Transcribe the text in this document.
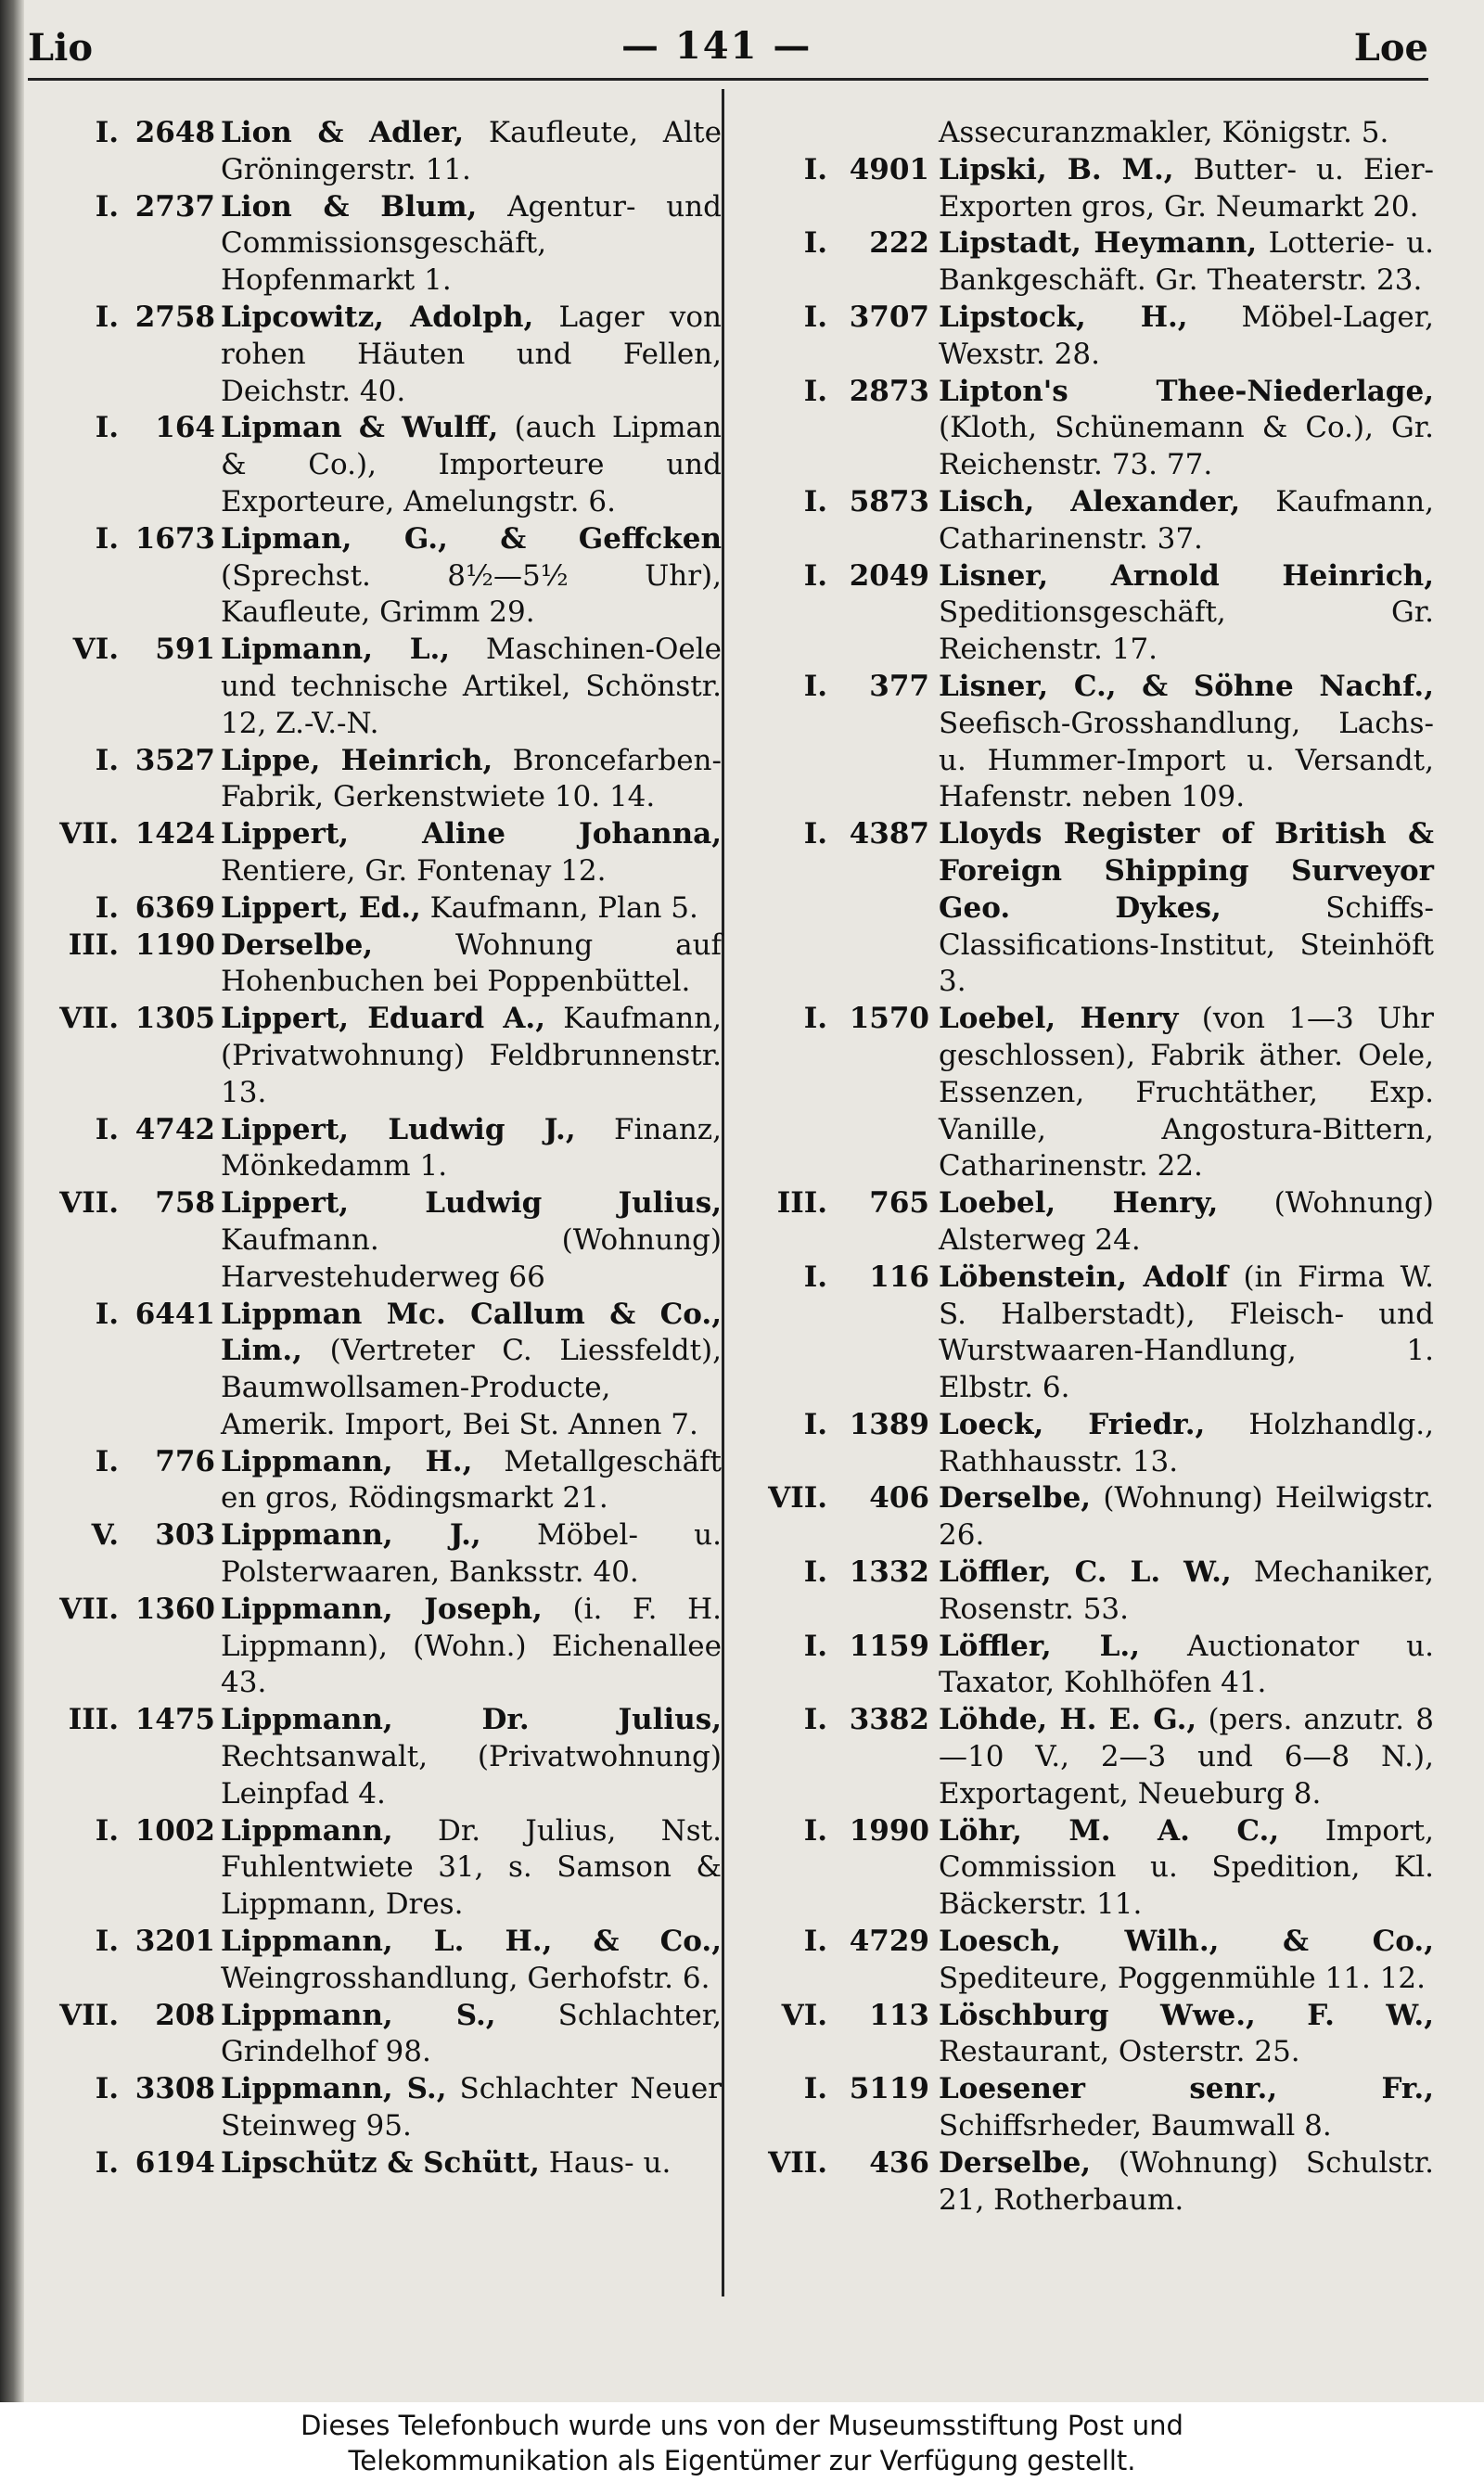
Lio	— 141 —	Loe
I. 2648 Lion & Adler, Kaufleute, Alte Gröningerstr. 11.
I. 2737 Lion & Blum, Agentur- und Commissionsgeschäft, Hopfenmarkt 1.
I. 2758 Lipcowitz, Adolph, Lager von rohen Häuten und Fellen, Deichstr. 40.
I. 164 Lipman & Wulff, (auch Lipman & Co.), Importeure und Exporteure, Amelungstr. 6.
I. 1673 Lipman, G., & Geffcken (Sprechst. 8½—5½ Uhr), Kaufleute, Grimm 29.
VI. 591 Lipmann, L., Maschinen-Oele und technische Artikel, Schönstr. 12, Z.-V.-N.
I. 3527 Lippe, Heinrich, Broncefarben-Fabrik, Gerkenstwiete 10. 14.
VII. 1424 Lippert, Aline Johanna, Rentiere, Gr. Fontenay 12.
I. 6369 Lippert, Ed., Kaufmann, Plan 5.
III. 1190 Derselbe,	Wohnung auf Hohenbuchen bei Poppenbüttel.
VII. 1305 Lippert, Eduard A., Kaufmann, (Privatwohnung) Feldbrunnenstr. 13.
I. 4742 Lippert, Ludwig J., Finanz, Mönkedamm 1.
VII. 758 Lippert, Ludwig Julius, Kaufmann. (Wohnung) Harvestehuderweg 66
I. 6441 Lippman Mc. Callum & Co., Lim., (Vertreter C. Liessfeldt), Baumwollsamen-Producte, Amerik. Import, Bei St. Annen 7.
I. 776 Lippmann, H., Metallgeschäft en gros, Rödingsmarkt 21.
V. 303 Lippmann, J., Möbel- u. Polsterwaaren, Banksstr. 40.
VII. 1360 Lippmann, Joseph, (i. F. H. Lippmann), (Wohn.) Eichenallee 43.
III. 1475 Lippmann, Dr. Julius, Rechtsanwalt, (Privatwohnung) Leinpfad 4.
I. 1002 Lippmann, Dr. Julius, Nst. Fuhlentwiete 31, s. Samson & Lippmann, Dres.
I. 3201 Lippmann, L. H., & Co., Weingrosshandlung, Gerhofstr. 6.
VII. 208 Lippmann, S., Schlachter, Grindelhof 98.
I. 3308 Lippmann, S., Schlachter Neuer Steinweg 95.
I. 6194 Lipschütz & Schütt, Haus- u.
Assecuranzmakler, Königstr. 5.
I. 4901 Lipski, B. M., Butter- u. Eier-Exporten gros, Gr. Neumarkt 20.
I. 222 Lipstadt, Heymann, Lotterie- u. Bankgeschäft. Gr. Theaterstr. 23.
I. 3707 Lipstock, H., Möbel-Lager, Wexstr. 28.
I. 2873 Lipton's Thee-Niederlage, (Kloth, Schünemann & Co.), Gr. Reichenstr. 73. 77.
I. 5873 Lisch, Alexander, Kaufmann, Catharinenstr. 37.
I. 2049 Lisner, Arnold Heinrich, Speditionsgeschäft, Gr. Reichenstr. 17.
I. 377 Lisner, C., & Söhne Nachf., Seefisch-Grosshandlung, Lachs- u. Hummer-Import u. Versandt, Hafenstr. neben 109.
I. 4387 Lloyds Register of British & Foreign Shipping Surveyor Geo. Dykes,	Schiffs-Classifications-Institut, Steinhöft 3.
I. 1570 Loebel, Henry (von 1—3 Uhr geschlossen), Fabrik äther. Oele, Essenzen, Fruchtäther, Exp. Vanille, Angostura-Bittern, Catharinenstr. 22.
III. 765 Loebel, Henry, (Wohnung) Alsterweg 24.
I. 116 Löbenstein, Adolf (in Firma W. S. Halberstadt), Fleisch- und Wurstwaaren-Handlung, 1. Elbstr. 6.
I. 1389 Loeck, Friedr., Holzhandlg., Rathhausstr. 13.
VII. 406 Derselbe, (Wohnung) Heilwigstr. 26.
I. 1332 Löffler, C. L. W., Mechaniker, Rosenstr. 53.
I. 1159 Löffler, L., Auctionator u. Taxator, Kohlhöfen 41.
I. 3382 Löhde, H. E. G., (pers. anzutr. 8—10 V., 2—3 und 6—8 N.), Exportagent, Neueburg 8.
I. 1990 Löhr, M. A. C., Import, Commission u. Spedition, Kl. Bäckerstr. 11.
I. 4729 Loesch, Wilh., & Co., Spediteure, Poggenmühle 11. 12.
VI. 113 Löschburg Wwe., F. W., Restaurant, Osterstr. 25.
I. 5119 Loesener senr., Fr., Schiffsrheder, Baumwall 8.
VII. 436 Derselbe, (Wohnung) Schulstr. 21, Rotherbaum.
Dieses Telefonbuch wurde uns von der Museumsstiftung Post und
Telekommunikation als Eigentümer zur Verfügung gestellt.
